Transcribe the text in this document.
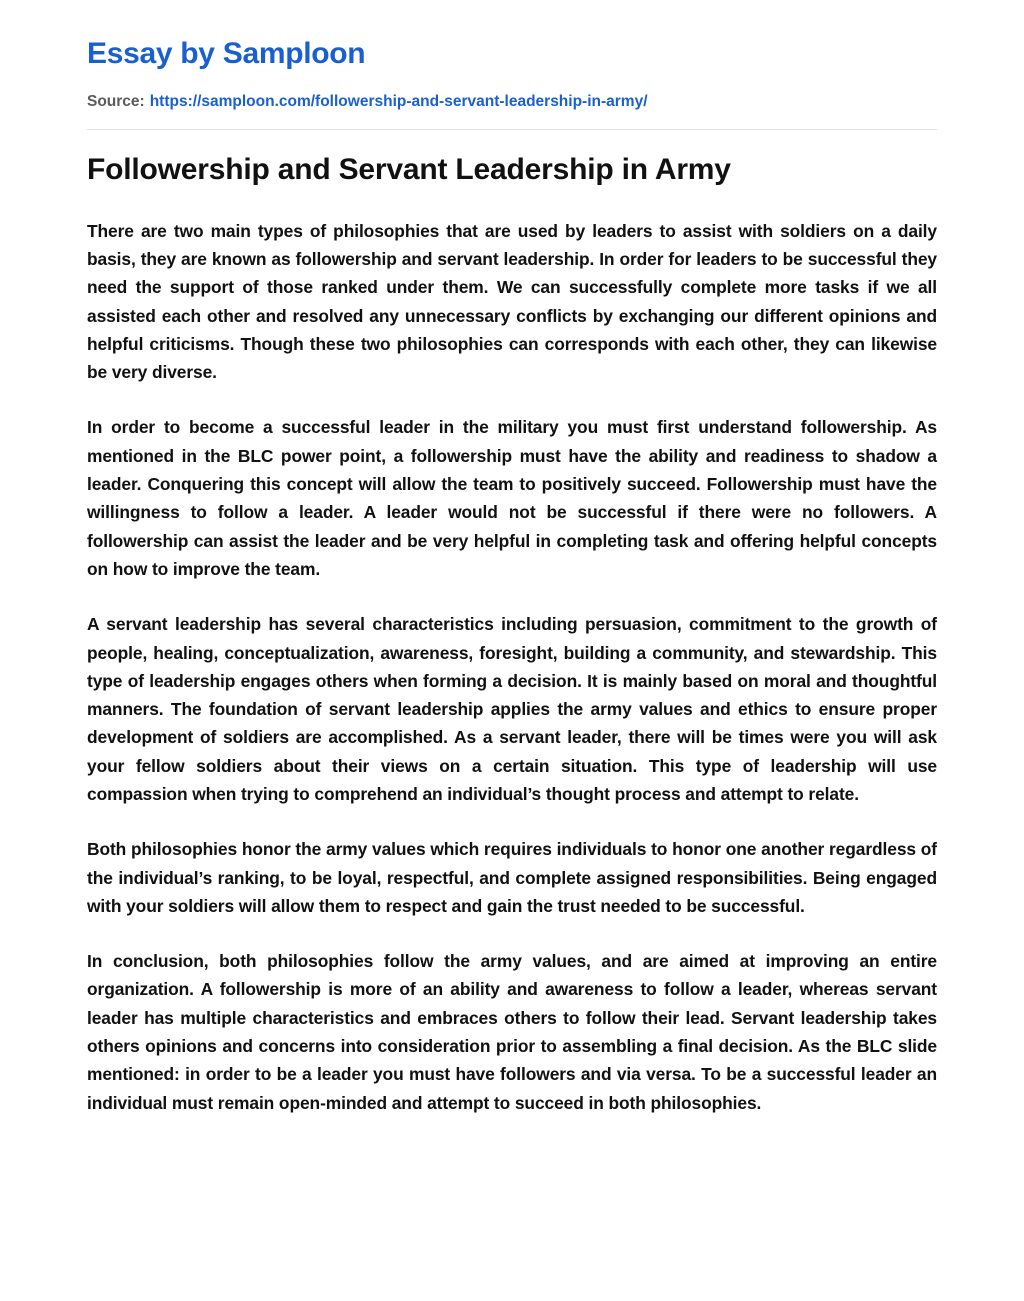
Essay by Samploon
Source: https://samploon.com/followership-and-servant-leadership-in-army/
Followership and Servant Leadership in Army

There are two main types of philosophies that are used by leaders to assist with soldiers on a daily basis, they are known as followership and servant leadership. In order for leaders to be successful they need the support of those ranked under them. We can successfully complete more tasks if we all assisted each other and resolved any unnecessary conflicts by exchanging our different opinions and helpful criticisms. Though these two philosophies can corresponds with each other, they can likewise be very diverse.

In order to become a successful leader in the military you must first understand followership. As mentioned in the BLC power point, a followership must have the ability and readiness to shadow a leader. Conquering this concept will allow the team to positively succeed. Followership must have the willingness to follow a leader. A leader would not be successful if there were no followers. A followership can assist the leader and be very helpful in completing task and offering helpful concepts on how to improve the team.

A servant leadership has several characteristics including persuasion, commitment to the growth of people, healing, conceptualization, awareness, foresight, building a community, and stewardship. This type of leadership engages others when forming a decision. It is mainly based on moral and thoughtful manners. The foundation of servant leadership applies the army values and ethics to ensure proper development of soldiers are accomplished. As a servant leader, there will be times were you will ask your fellow soldiers about their views on a certain situation. This type of leadership will use compassion when trying to comprehend an individual’s thought process and attempt to relate.

Both philosophies honor the army values which requires individuals to honor one another regardless of the individual’s ranking, to be loyal, respectful, and complete assigned responsibilities. Being engaged with your soldiers will allow them to respect and gain the trust needed to be successful.

In conclusion, both philosophies follow the army values, and are aimed at improving an entire organization. A followership is more of an ability and awareness to follow a leader, whereas servant leader has multiple characteristics and embraces others to follow their lead. Servant leadership takes others opinions and concerns into consideration prior to assembling a final decision. As the BLC slide mentioned: in order to be a leader you must have followers and via versa. To be a successful leader an individual must remain open-minded and attempt to succeed in both philosophies.
